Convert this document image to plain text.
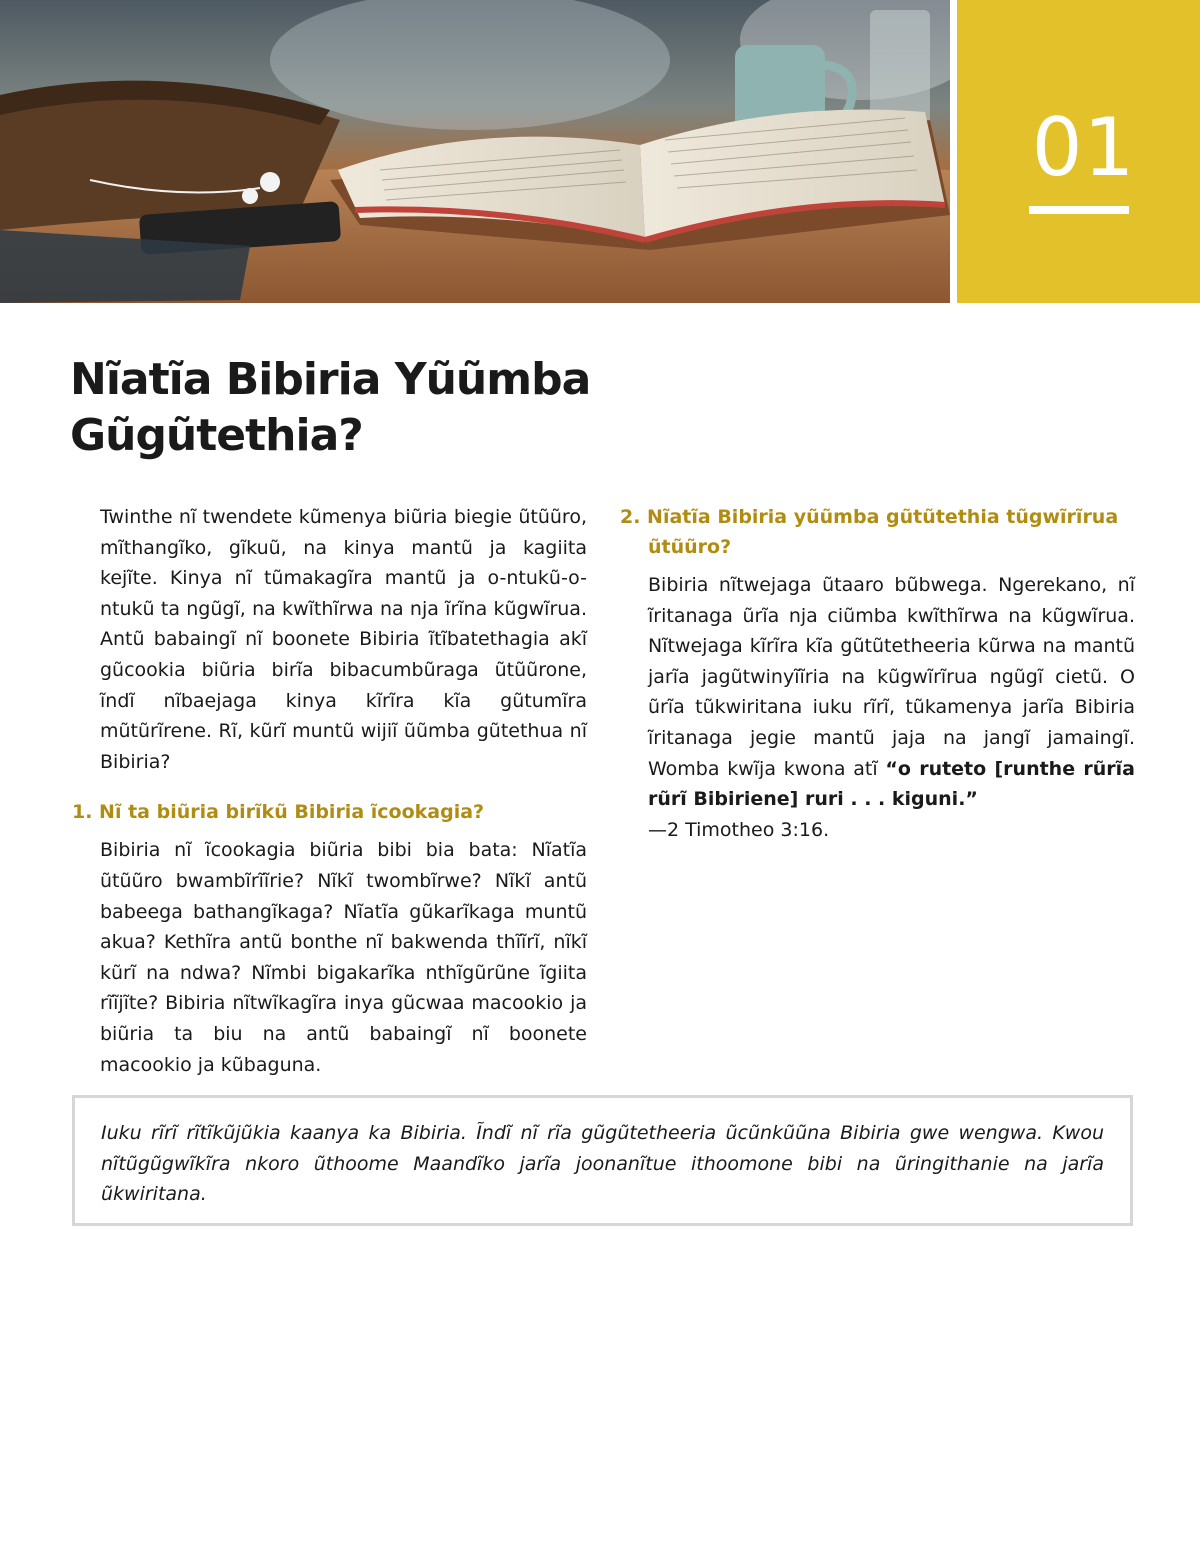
01
Nĩatĩa Bibiria Yũũmba
Gũgũtethia?

Twinthe nĩ twendete kũmenya biũria biegie ũtũũro, mĩthangĩko, gĩkuũ, na kinya mantũ ja kagiita kejĩte. Kinya nĩ tũmakagĩra mantũ ja o-ntukũ-o-ntukũ ta ngũgĩ, na kwĩthĩrwa na nja ĩrĩna kũgwĩrua. Antũ babaingĩ nĩ boonete Bibiria ĩtĩbatethagia akĩ gũcookia biũria birĩa bibacumbũraga ũtũũrone, ĩndĩ nĩbaejaga kinya kĩrĩra kĩa gũtumĩra mũtũrĩrene. Rĩ, kũrĩ muntũ wijiĩ ũũmba gũtethua nĩ Bibiria?

1. Nĩ ta biũria birĩkũ Bibiria ĩcookagia?

Bibiria nĩ ĩcookagia biũria bibi bia bata: Nĩatĩa ũtũũro bwambĩrĩĩrie? Nĩkĩ twombĩrwe? Nĩkĩ antũ babeega bathangĩkaga? Nĩatĩa gũkarĩkaga muntũ akua? Kethĩra antũ bonthe nĩ bakwenda thĩĩrĩ, nĩkĩ kũrĩ na ndwa? Nĩmbi bigakarĩka nthĩgũrũne ĩgiita rĩĩjĩte? Bibiria nĩtwĩkagĩra inya gũcwaa macookio ja biũria ta biu na antũ babaingĩ nĩ boonete macookio ja kũbaguna.

2. Nĩatĩa Bibiria yũũmba gũtũtethia tũgwĩrĩrua ũtũũro?

Bibiria nĩtwejaga ũtaaro bũbwega. Ngerekano, nĩ ĩritanaga ũrĩa nja ciũmba kwĩthĩrwa na kũgwĩrua. Nĩtwejaga kĩrĩra kĩa gũtũtetheeria kũrwa na mantũ jarĩa jagũtwinyĩĩria na kũgwĩrĩrua ngũgĩ cietũ. O ũrĩa tũkwiritana iuku rĩrĩ, tũkamenya jarĩa Bibiria ĩritanaga jegie mantũ jaja na jangĩ jamaingĩ. Womba kwĩja kwona atĩ “o ruteto [runthe rũrĩa rũrĩ Bibiriene] ruri . . . kiguni.”
—2 Timotheo 3:16.

Iuku rĩrĩ rĩtĩkũjũkia kaanya ka Bibiria. Ĩndĩ nĩ rĩa gũgũtetheeria ũcũnkũũna Bibiria gwe wengwa. Kwou nĩtũgũgwĩkĩra nkoro ũthoome Maandĩko jarĩa joonanĩtue ithoomone bibi na ũringithanie na jarĩa ũkwiritana.
